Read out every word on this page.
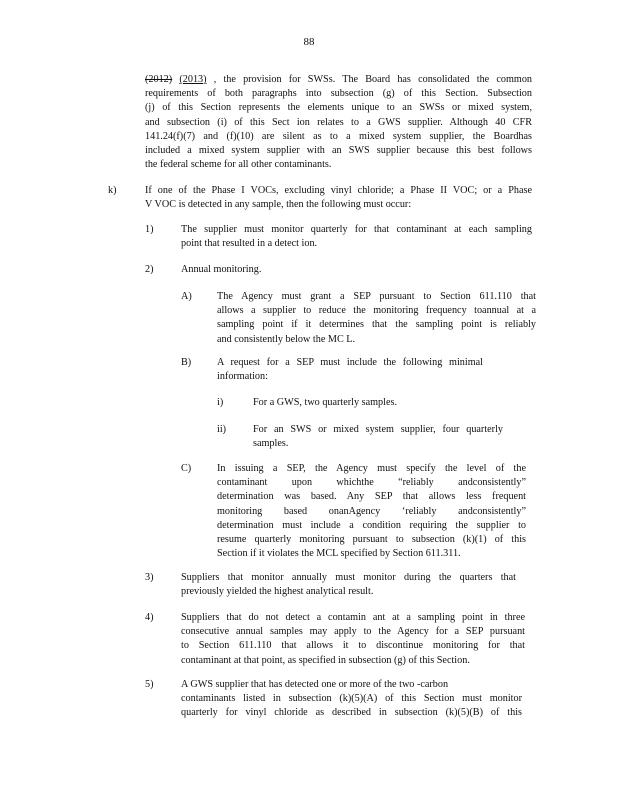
88
(2012) (2013) , the provision for SWSs. The Board has consolidated the common
requirements of both paragraphs into subsection (g) of this Section. Subsection
(j) of this Section represents the elements unique to an SWSs or mixed system,
and subsection (i) of this Sect ion relates to a GWS supplier. Although 40 CFR
141.24(f)(7) and (f)(10) are silent as to a mixed system supplier, the Boardhas
included a mixed system supplier with an SWS supplier because this best follows
the federal scheme for all other contaminants.
k)	If one of the Phase I VOCs, excluding vinyl chloride; a Phase II VOC; or a Phase
V VOC is detected in any sample, then the following must occur:
1)	The supplier must monitor quarterly for that contaminant at each sampling
point that resulted in a detect ion.
2)	Annual monitoring.
A) The Agency must grant a SEP pursuant to Section 611.110 that
allows a supplier to reduce the monitoring frequency toannual at a
sampling point if it determines that the sampling point is reliably
and consistently below the MC L.
B)	A request for a SEP must include the following minimal
information:
i)	For a GWS, two quarterly samples.
ii)	For an SWS or mixed system supplier, four quarterly
samples.
C)	In issuing a SEP, the Agency must specify the level of the
contaminant upon whichthe “reliably andconsistently”
determination was based. Any SEP that allows less frequent
monitoring based onanAgency ‘reliably andconsistently”
determination must include a condition requiring the supplier to
resume quarterly monitoring pursuant to subsection (k)(1) of this
Section if it violates the MCL specified by Section 611.311.
3)	Suppliers that monitor annually must monitor during the quarters that
previously yielded the highest analytical result.
4)	Suppliers that do not detect a contamin ant at a sampling point in three
consecutive annual samples may apply to the Agency for a SEP pursuant
to Section 611.110 that allows it to discontinue monitoring for that
contaminant at that point, as specified in subsection (g) of this Section.
5)	A GWS supplier that has detected one or more of the two -carbon
contaminants listed in subsection (k)(5)(A) of this Section must monitor
quarterly for vinyl chloride as described in subsection (k)(5)(B) of this
